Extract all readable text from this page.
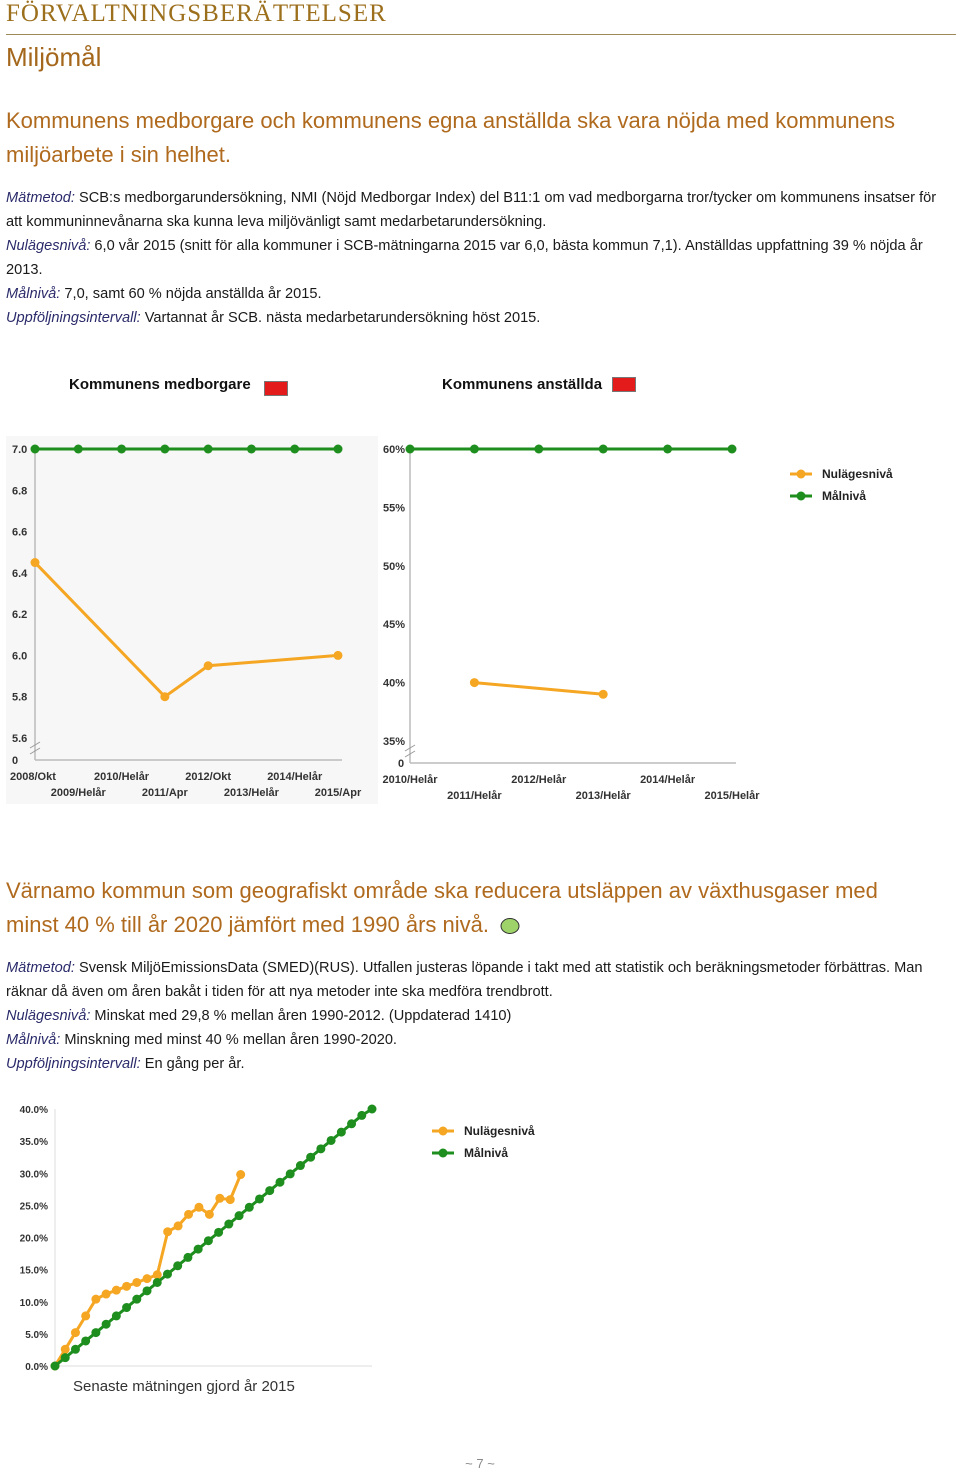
FÖRVALTNINGSBERÄTTELSER
Miljömål
Kommunens medborgare och kommunens egna anställda ska vara nöjda med kommunens miljöarbete i sin helhet.

Mätmetod: SCB:s medborgarundersökning, NMI (Nöjd Medborgar Index) del B11:1 om vad medborgarna tror/tycker om kommunens insatser för att kommuninnevånarna ska kunna leva miljövänligt samt medarbetarundersökning.

Nulägesnivå: 6,0 vår 2015 (snitt för alla kommuner i SCB-mätningarna 2015 var 6,0, bästa kommun 7,1). Anställdas uppfattning 39 % nöjda år 2013.

Målnivå: 7,0, samt 60 % nöjda anställda år 2015.

Uppföljningsintervall: Vartannat år SCB. nästa medarbetarundersökning höst 2015.

Kommunens medborgare	Kommunens anställda
0
5.6
5.8
6.0
6.2
6.4
6.6
6.8
7.0
2008/Okt
2009/Helår
2010/Helår
2011/Apr
2012/Okt
2013/Helår
2014/Helår
2015/Apr
0
35%
40%
45%
50%
55%
60%
2010/Helår
2011/Helår
2012/Helår
2013/Helår
2014/Helår
2015/Helår
Nulägesnivå
Målnivå
Värnamo kommun som geografiskt område ska reducera utsläppen av växthusgaser med minst 40 % till år 2020 jämfört med 1990 års nivå.

Mätmetod: Svensk MiljöEmissionsData (SMED)(RUS). Utfallen justeras löpande i takt med att statistik och beräkningsmetoder förbättras. Man räknar då även om åren bakåt i tiden för att nya metoder inte ska medföra trendbrott.

Nulägesnivå: Minskat med 29,8 % mellan åren 1990-2012. (Uppdaterad 1410)

Målnivå: Minskning med minst 40 % mellan åren 1990-2020.

Uppföljningsintervall: En gång per år.

0.0%
5.0%
10.0%
15.0%
20.0%
25.0%
30.0%
35.0%
40.0%
Nulägesnivå
Målnivå
Senaste mätningen gjord år 2015
~ 7 ~
